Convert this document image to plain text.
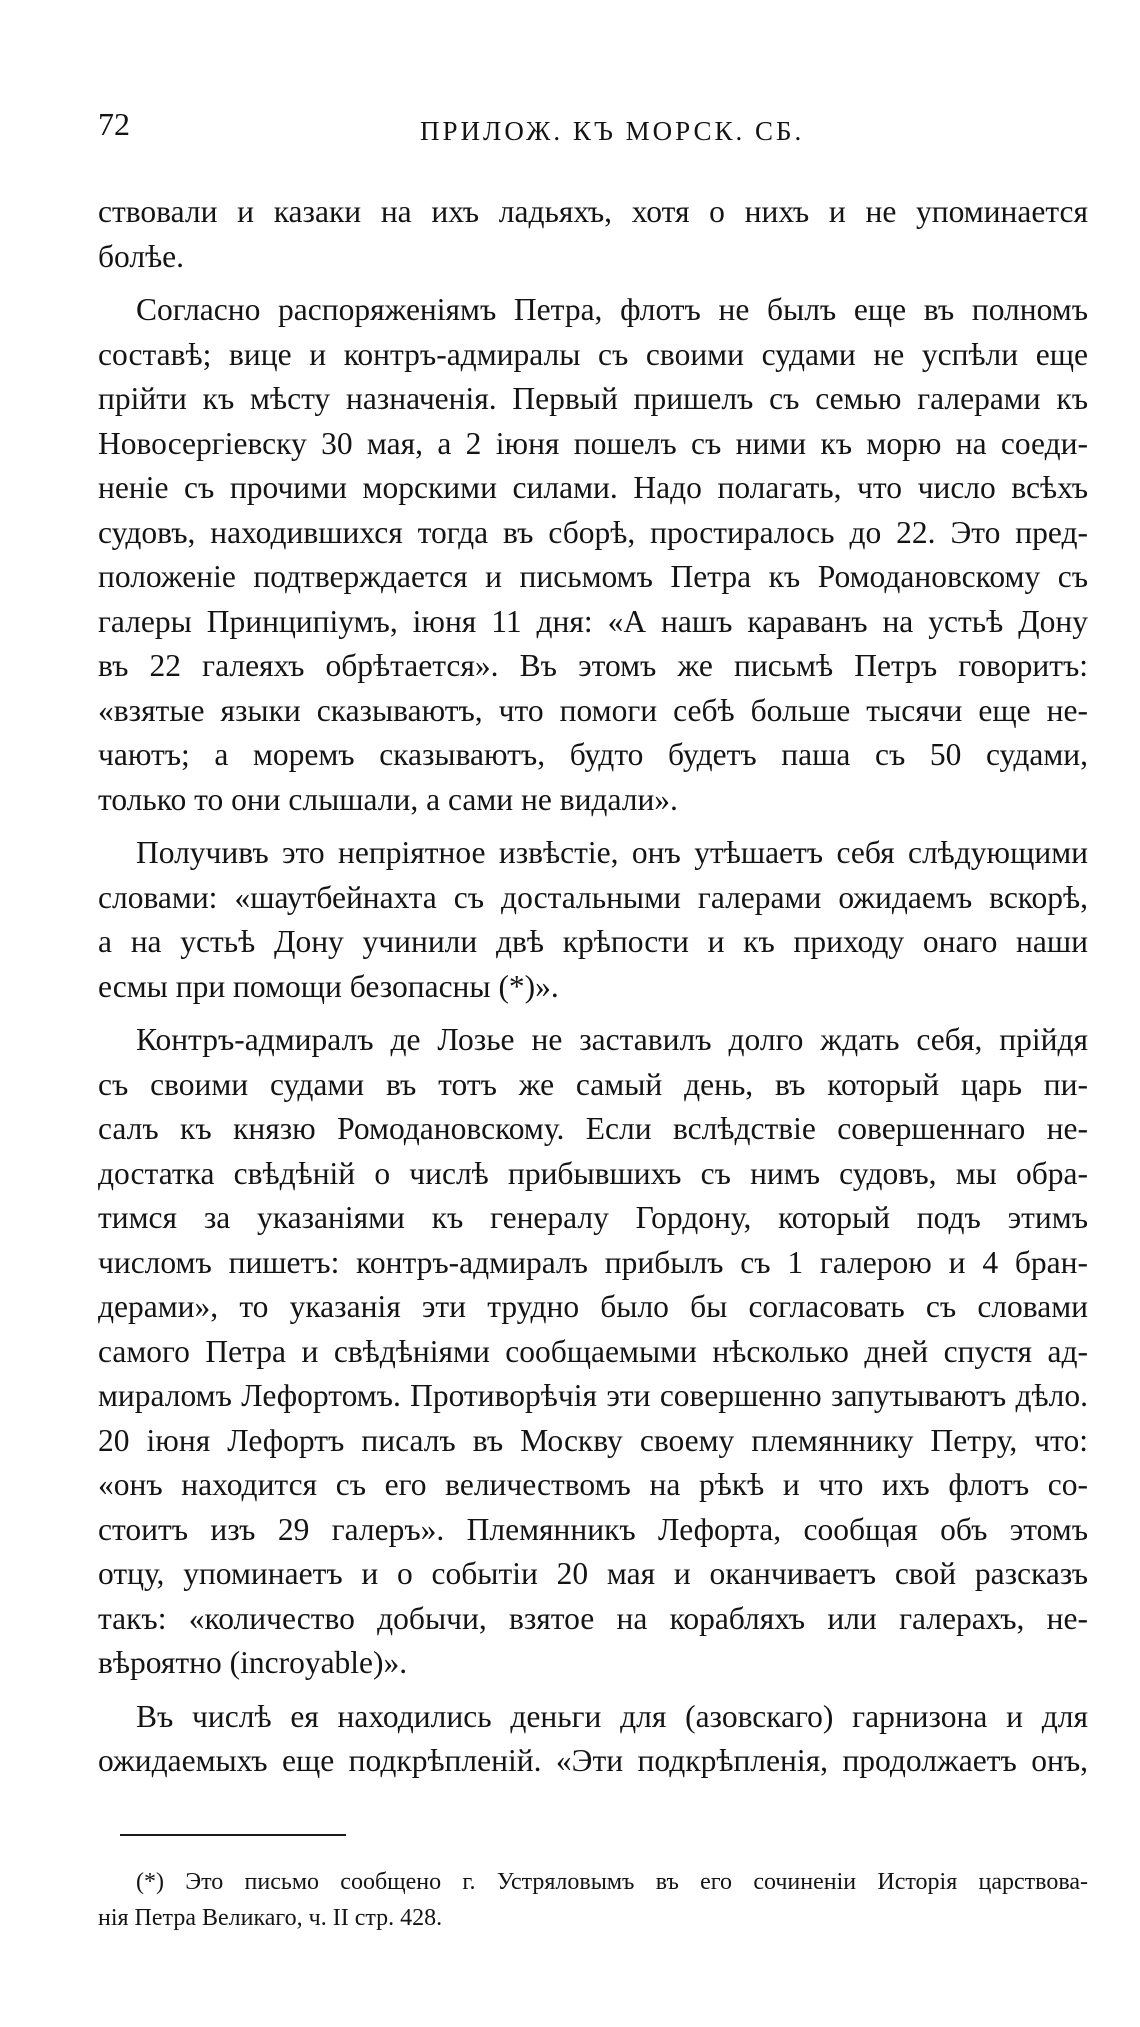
72	ПРИЛОЖ. КЪ МОРСК. СБ.

ствовали и казаки на ихъ ладьяхъ, хотя о нихъ и не упоминается
болѣе.

Согласно распоряженіямъ Петра, флотъ не былъ еще въ полномъ
составѣ; вице и контръ-адмиралы съ своими судами не успѣли еще
прійти къ мѣсту назначенія. Первый пришелъ съ семью галерами къ
Новосергіевску 30 мая, а 2 іюня пошелъ съ ними къ морю на соеди-
неніе съ прочими морскими силами. Надо полагать, что число всѣхъ
судовъ, находившихся тогда въ сборѣ, простиралось до 22. Это пред-
положеніе подтверждается и письмомъ Петра къ Ромодановскому съ
галеры Принципіумъ, іюня 11 дня: «А нашъ караванъ на устьѣ Дону
въ 22 галеяхъ обрѣтается». Въ этомъ же письмѣ Петръ говоритъ:
«взятые языки сказываютъ, что помоги себѣ больше тысячи еще не-
чаютъ; а моремъ сказываютъ, будто будетъ паша съ 50 судами,
только то они слышали, а сами не видали».

Получивъ это непріятное извѣстіе, онъ утѣшаетъ себя слѣдующими
словами: «шаутбейнахта съ достальными галерами ожидаемъ вскорѣ,
а на устьѣ Дону учинили двѣ крѣпости и къ приходу онаго наши
есмы при помощи безопасны (*)».

Контръ-адмиралъ де Лозье не заставилъ долго ждать себя, прійдя
съ своими судами въ тотъ же самый день, въ который царь пи-
салъ къ князю Ромодановскому. Если вслѣдствіе совершеннаго не-
достатка свѣдѣній о числѣ прибывшихъ съ нимъ судовъ, мы обра-
тимся за указаніями къ генералу Гордону, который подъ этимъ
числомъ пишетъ: контръ-адмиралъ прибылъ съ 1 галерою и 4 бран-
дерами», то указанія эти трудно было бы согласовать съ словами
самого Петра и свѣдѣніями сообщаемыми нѣсколько дней спустя ад-
мираломъ Лефортомъ. Противорѣчія эти совершенно запутываютъ дѣло.
20 іюня Лефортъ писалъ въ Москву своему племяннику Петру, что:
«онъ находится съ его величествомъ на рѣкѣ и что ихъ флотъ со-
стоитъ изъ 29 галеръ». Племянникъ Лефорта, сообщая объ этомъ
отцу, упоминаетъ и о событіи 20 мая и оканчиваетъ свой разсказъ
такъ: «количество добычи, взятое на корабляхъ или галерахъ, не-
вѣроятно (incroyable)».

Въ числѣ ея находились деньги для (азовскаго) гарнизона и для
ожидаемыхъ еще подкрѣпленій. «Эти подкрѣпленія, продолжаетъ онъ,

(*) Это письмо сообщено г. Устряловымъ въ его сочиненіи Исторія царствова-
нія Петра Великаго, ч. II стр. 428.
